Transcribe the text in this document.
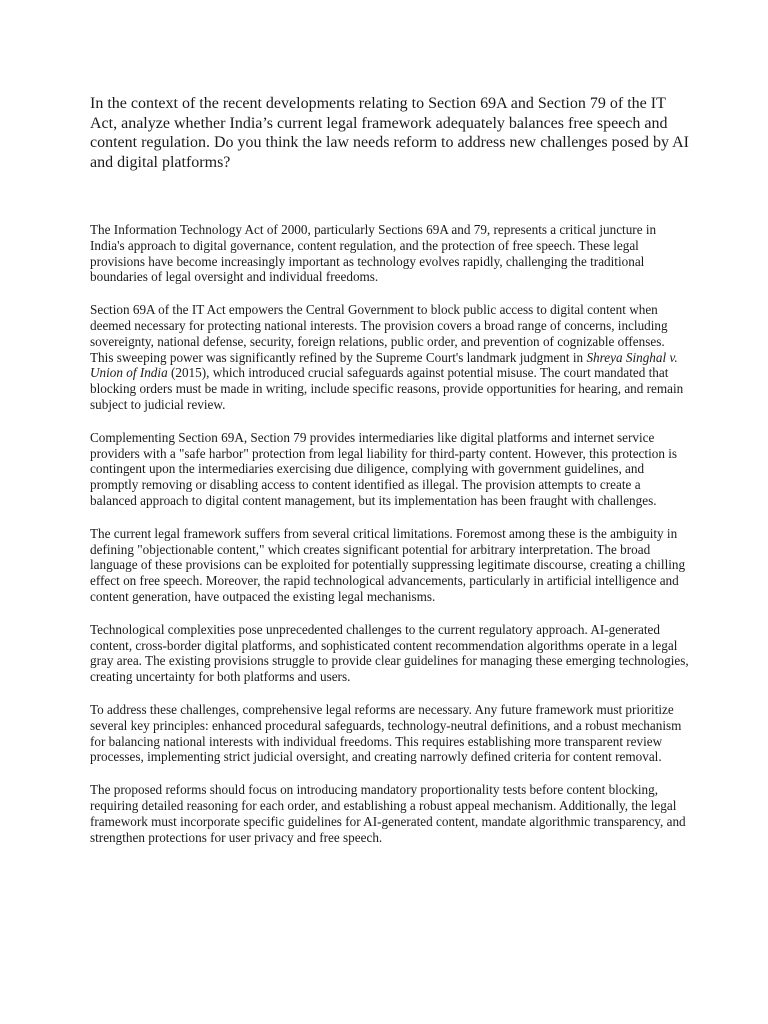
In the context of the recent developments relating to Section 69A and Section 79 of the IT Act, analyze whether India’s current legal framework adequately balances free speech and content regulation. Do you think the law needs reform to address new challenges posed by AI and digital platforms?

The Information Technology Act of 2000, particularly Sections 69A and 79, represents a critical juncture in India's approach to digital governance, content regulation, and the protection of free speech. These legal provisions have become increasingly important as technology evolves rapidly, challenging the traditional boundaries of legal oversight and individual freedoms.

Section 69A of the IT Act empowers the Central Government to block public access to digital content when deemed necessary for protecting national interests. The provision covers a broad range of concerns, including sovereignty, national defense, security, foreign relations, public order, and prevention of cognizable offenses. This sweeping power was significantly refined by the Supreme Court's landmark judgment in Shreya Singhal v. Union of India (2015), which introduced crucial safeguards against potential misuse. The court mandated that blocking orders must be made in writing, include specific reasons, provide opportunities for hearing, and remain subject to judicial review.

Complementing Section 69A, Section 79 provides intermediaries like digital platforms and internet service providers with a "safe harbor" protection from legal liability for third-party content. However, this protection is contingent upon the intermediaries exercising due diligence, complying with government guidelines, and promptly removing or disabling access to content identified as illegal. The provision attempts to create a balanced approach to digital content management, but its implementation has been fraught with challenges.

The current legal framework suffers from several critical limitations. Foremost among these is the ambiguity in defining "objectionable content," which creates significant potential for arbitrary interpretation. The broad language of these provisions can be exploited for potentially suppressing legitimate discourse, creating a chilling effect on free speech. Moreover, the rapid technological advancements, particularly in artificial intelligence and content generation, have outpaced the existing legal mechanisms.

Technological complexities pose unprecedented challenges to the current regulatory approach. AI-generated content, cross-border digital platforms, and sophisticated content recommendation algorithms operate in a legal gray area. The existing provisions struggle to provide clear guidelines for managing these emerging technologies, creating uncertainty for both platforms and users.

To address these challenges, comprehensive legal reforms are necessary. Any future framework must prioritize several key principles: enhanced procedural safeguards, technology-neutral definitions, and a robust mechanism for balancing national interests with individual freedoms. This requires establishing more transparent review processes, implementing strict judicial oversight, and creating narrowly defined criteria for content removal.

The proposed reforms should focus on introducing mandatory proportionality tests before content blocking, requiring detailed reasoning for each order, and establishing a robust appeal mechanism. Additionally, the legal framework must incorporate specific guidelines for AI-generated content, mandate algorithmic transparency, and strengthen protections for user privacy and free speech.
